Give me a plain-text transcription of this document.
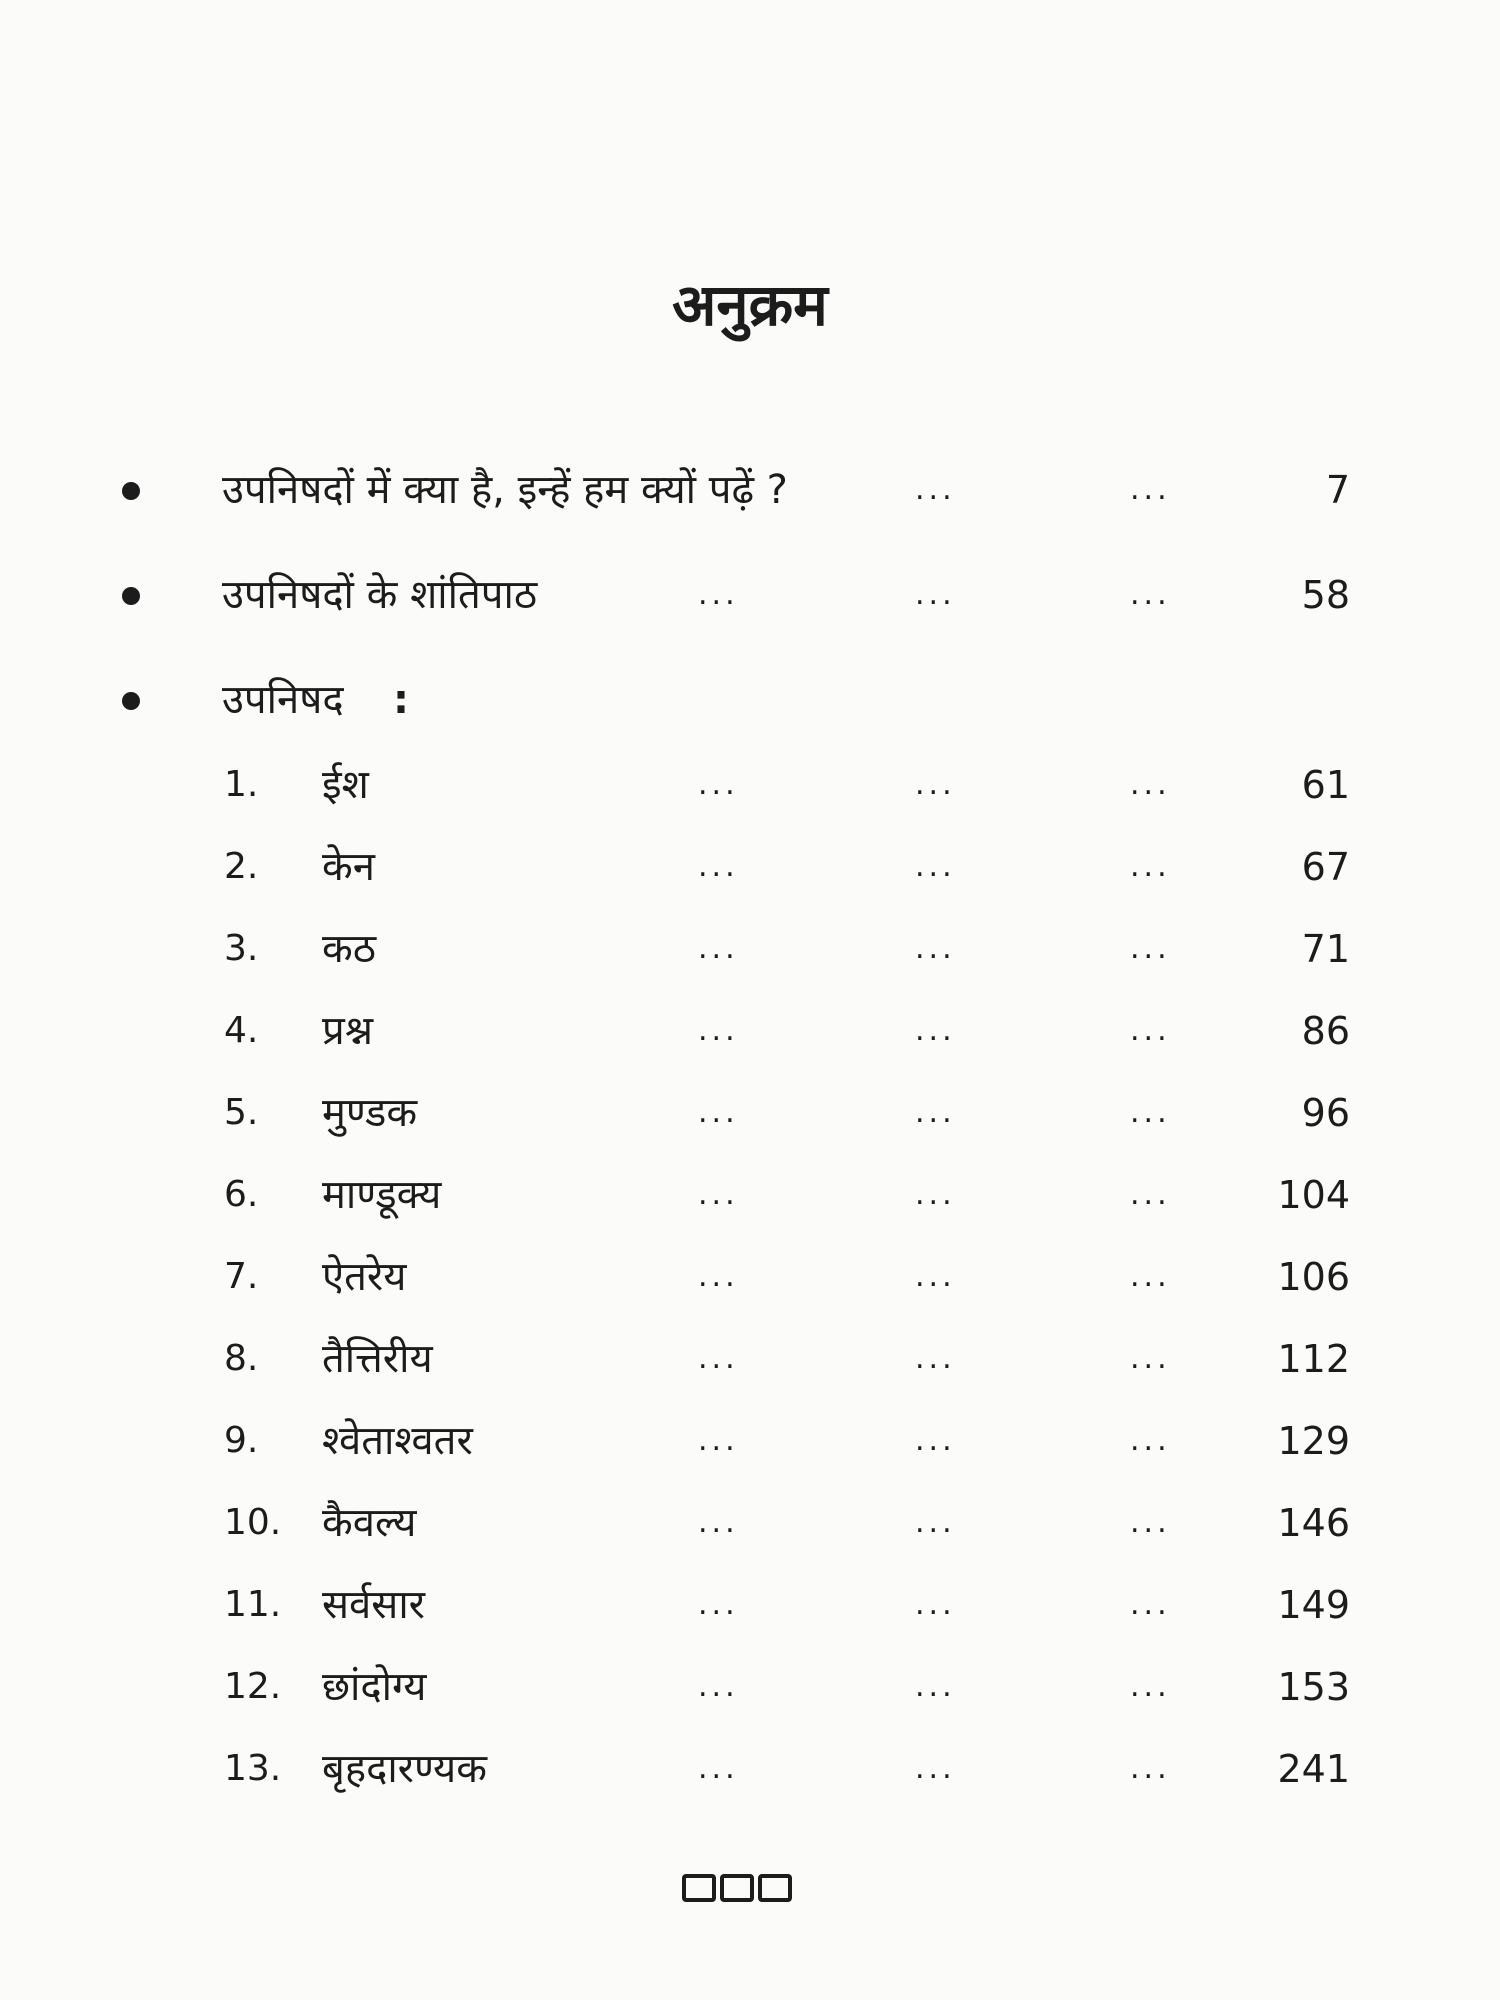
अनुक्रम
उपनिषदों में क्या है, इन्हें हम क्यों पढ़ें ?	...	...	7
उपनिषदों के शांतिपाठ	...	...	...	58
उपनिषद :
1. ईश	...	...	...	61
2. केन	...	...	...	67
3. कठ	...	...	...	71
4. प्रश्न	...	...	...	86
5. मुण्डक	...	...	...	96
6. माण्डूक्य	...	...	...	104
7. ऐतरेय	...	...	...	106
8. तैत्तिरीय	...	...	...	112
9. श्वेताश्वतर	...	...	...	129
10. कैवल्य	...	...	...	146
11. सर्वसार	...	...	...	149
12. छांदोग्य	...	...	...	153
13. बृहदारण्यक	...	...	...	241
